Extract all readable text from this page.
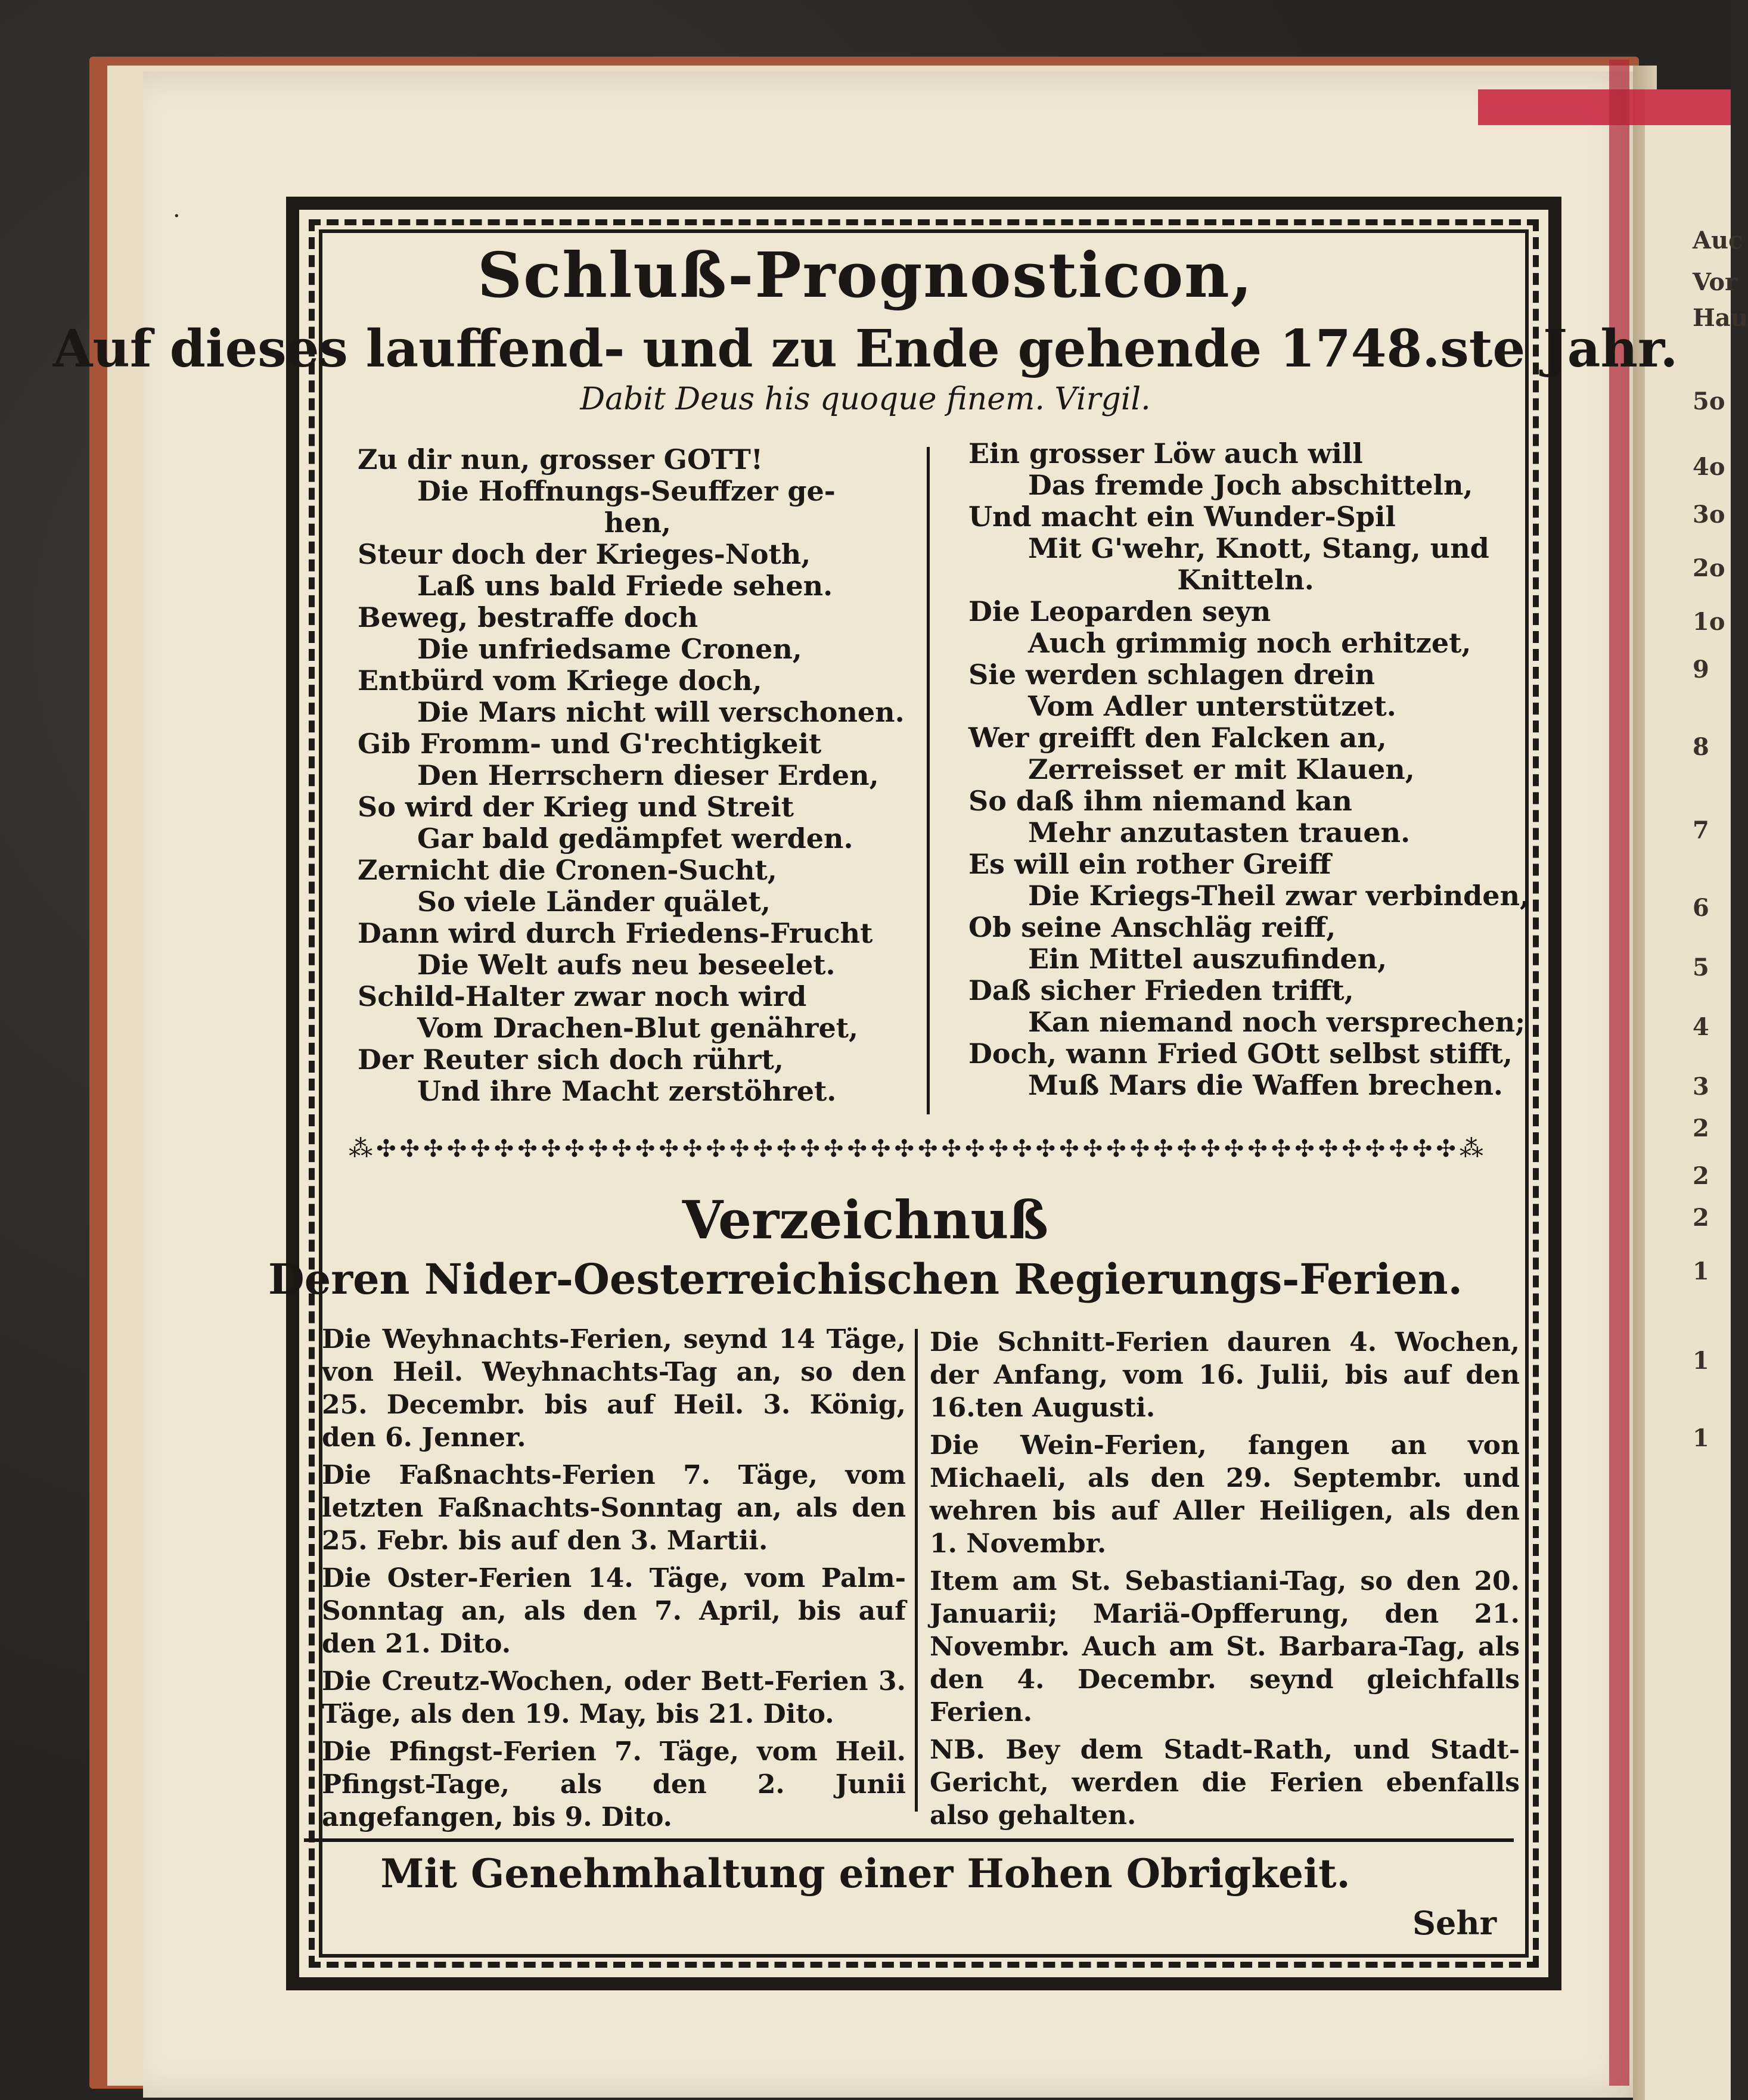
·
Schluß-Prognosticon,
Auf dieses lauffend- und zu Ende gehende 1748.ste Jahr.
Dabit Deus his quoque finem. Virgil.
Zu dir nun, grosser GOTT!
Die Hoffnungs-Seuffzer ge-
hen,
Steur doch der Krieges-Noth,
Laß uns bald Friede sehen.
Beweg, bestraffe doch
Die unfriedsame Cronen,
Entbürd vom Kriege doch,
Die Mars nicht will verschonen.
Gib Fromm- und G'rechtigkeit
Den Herrschern dieser Erden,
So wird der Krieg und Streit
Gar bald gedämpfet werden.
Zernicht die Cronen-Sucht,
So viele Länder quälet,
Dann wird durch Friedens-Frucht
Die Welt aufs neu beseelet.
Schild-Halter zwar noch wird
Vom Drachen-Blut genähret,
Der Reuter sich doch rührt,
Und ihre Macht zerstöhret.
Ein grosser Löw auch will
Das fremde Joch abschitteln,
Und macht ein Wunder-Spil
Mit G'wehr, Knott, Stang, und
Knitteln.
Die Leoparden seyn
Auch grimmig noch erhitzet,
Sie werden schlagen drein
Vom Adler unterstützet.
Wer greifft den Falcken an,
Zerreisset er mit Klauen,
So daß ihm niemand kan
Mehr anzutasten trauen.
Es will ein rother Greiff
Die Kriegs-Theil zwar verbinden,
Ob seine Anschläg reiff,
Ein Mittel auszufinden,
Daß sicher Frieden trifft,
Kan niemand noch versprechen;
Doch, wann Fried GOtt selbst stifft,
Muß Mars die Waffen brechen.
⁂✣✣✣✣✣✣✣✣✣✣✣✣✣✣✣✣✣✣✣✣✣✣✣✣✣✣✣✣✣✣✣✣✣✣✣✣✣✣✣✣✣✣✣✣✣✣⁂
Verzeichnuß
Deren Nider-Oesterreichischen Regierungs-Ferien.

Die Weyhnachts-Ferien, seynd 14 Täge, von Heil. Weyhnachts-Tag an, so den 25. Decembr. bis auf Heil. 3. König, den 6. Jenner.

Die Faßnachts-Ferien 7. Täge, vom letzten Faßnachts-Sonntag an, als den 25. Febr. bis auf den 3. Martii.

Die Oster-Ferien 14. Täge, vom Palm-Sonntag an, als den 7. April, bis auf den 21. Dito.

Die Creutz-Wochen, oder Bett-Ferien 3. Täge, als den 19. May, bis 21. Dito.

Die Pfingst-Ferien 7. Täge, vom Heil. Pfingst-Tage, als den 2. Junii angefangen, bis 9. Dito.

Die Schnitt-Ferien dauren 4. Wochen, der Anfang, vom 16. Julii, bis auf den 16.ten Augusti.

Die Wein-Ferien, fangen an von Michaeli, als den 29. Septembr. und wehren bis auf Aller Heiligen, als den 1. Novembr.

Item am St. Sebastiani-Tag, so den 20. Januarii; Mariä-Opfferung, den 21. Novembr. Auch am St. Barbara-Tag, als den 4. Decembr. seynd gleichfalls Ferien.

NB. Bey dem Stadt-Rath, und Stadt-Gericht, werden die Ferien ebenfalls also gehalten.

Mit Genehmhaltung einer Hohen Obrigkeit.
Sehr
Auc
Vor
Hau
5o
4o
3o
2o
1o
9
8
7
6
5
4
3
2
2
2
1
1
1
